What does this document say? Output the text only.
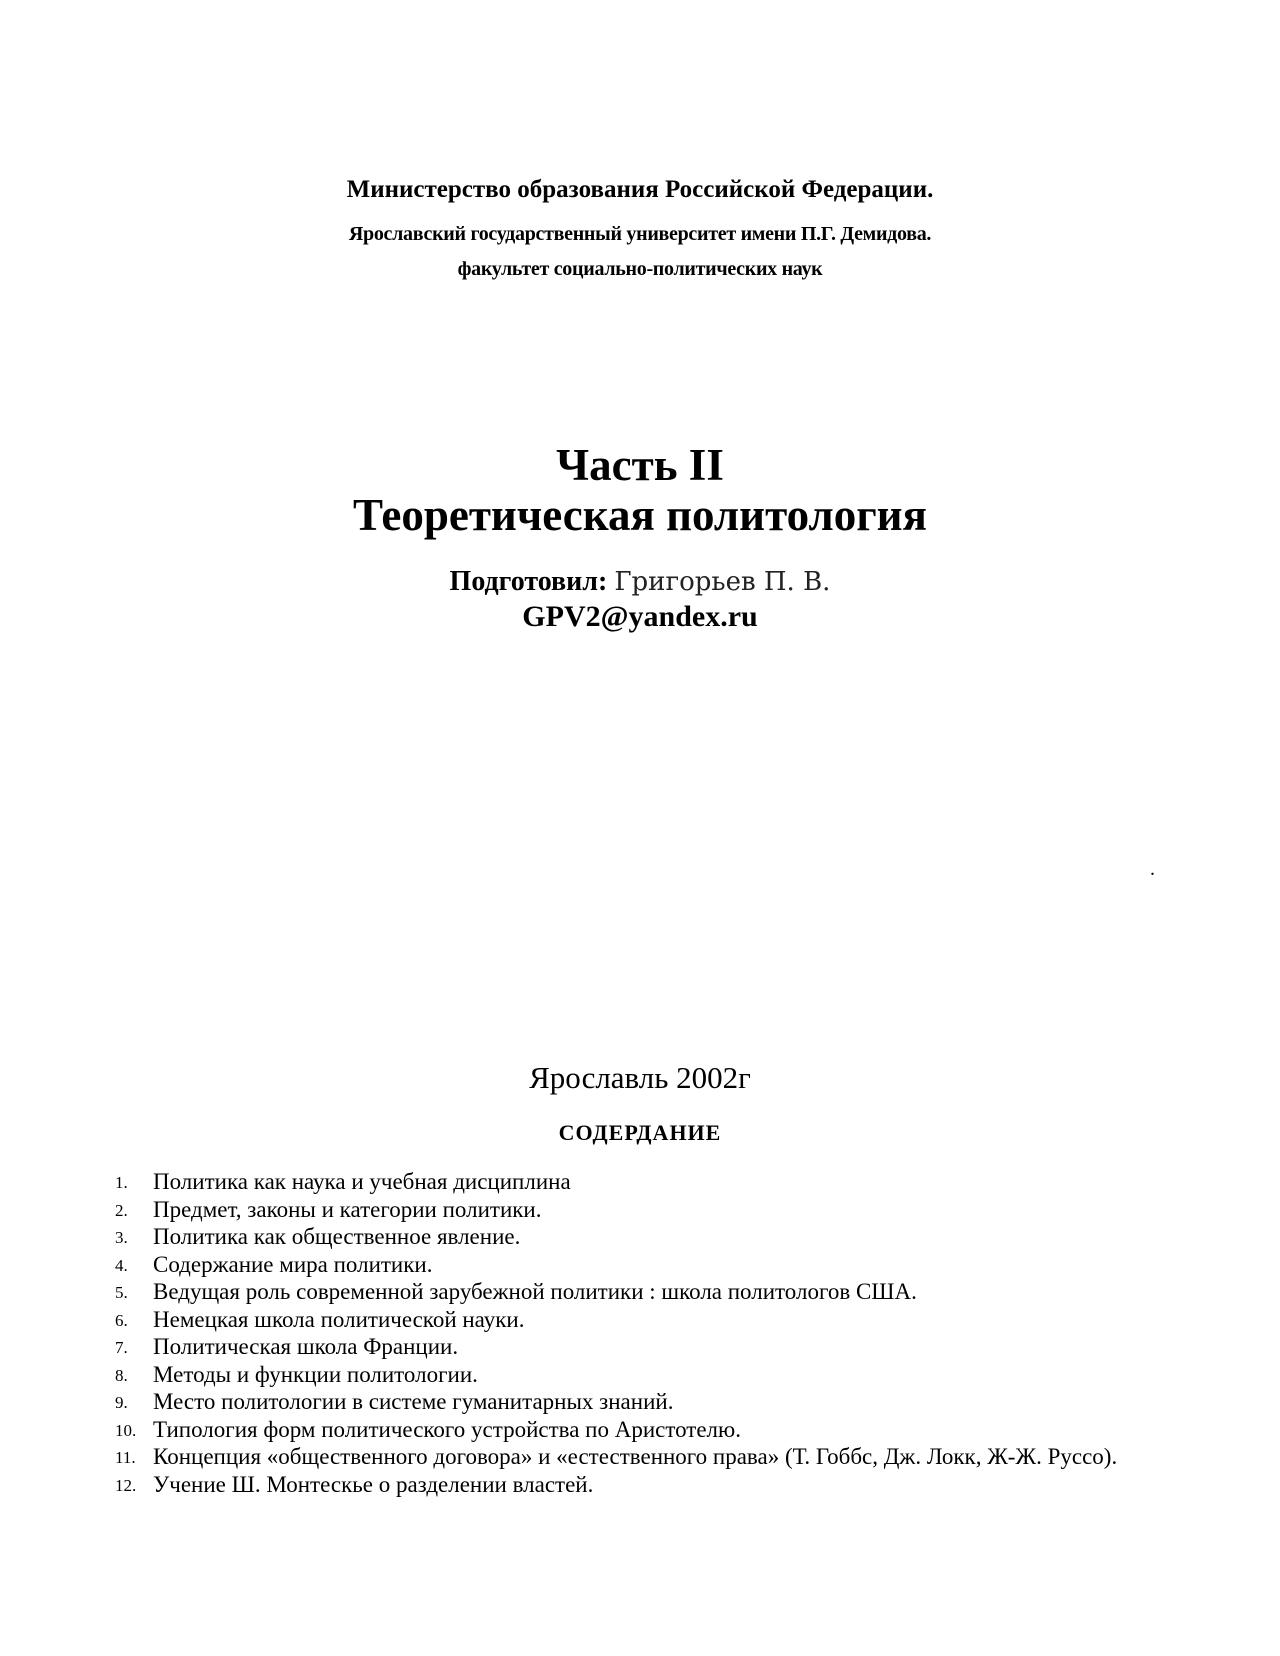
Министерство образования Российской Федерации.
Ярославский государственный университет имени П.Г. Демидова.
факультет социально-политических наук
Часть II
Теоретическая политология
Подготовил: Григорьев П. В.
GPV2@yandex.ru
.
Ярославль 2002г
СОДЕРДАНИЕ
1. Политика как наука и учебная дисциплина
2. Предмет, законы и категории политики.
3. Политика как общественное явление.
4. Содержание мира политики.
5. Ведущая роль современной зарубежной политики : школа политологов США.
6. Немецкая школа политической науки.
7. Политическая школа Франции.
8. Методы и функции политологии.
9. Место политологии в системе гуманитарных знаний.
10. Типология форм политического устройства по Аристотелю.
11. Концепция «общественного договора» и «естественного права» (Т. Гоббс, Дж. Локк, Ж-Ж. Руссо).
12. Учение Ш. Монтескье о разделении властей.
